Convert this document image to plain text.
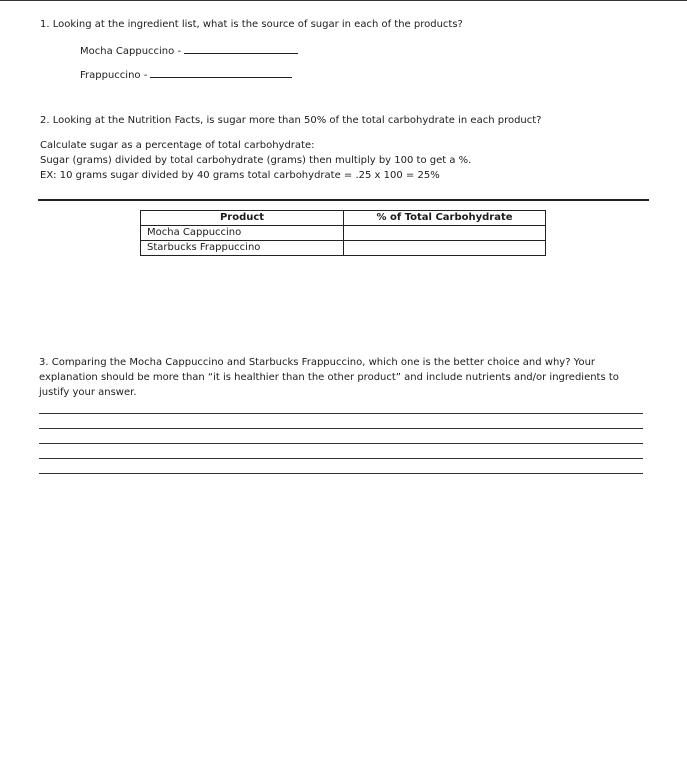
1. Looking at the ingredient list, what is the source of sugar in each of the products?
Mocha Cappuccino -
Frappuccino -
2. Looking at the Nutrition Facts, is sugar more than 50% of the total carbohydrate in each product?
Calculate sugar as a percentage of total carbohydrate:
Sugar (grams) divided by total carbohydrate (grams) then multiply by 100 to get a %.
EX: 10 grams sugar divided by 40 grams total carbohydrate = .25 x 100 = 25%
Product	% of Total Carbohydrate
Mocha Cappuccino	
Starbucks Frappuccino	
3. Comparing the Mocha Cappuccino and Starbucks Frappuccino, which one is the better choice and why? Your explanation should be more than “it is healthier than the other product” and include nutrients and/or ingredients to justify your answer.
